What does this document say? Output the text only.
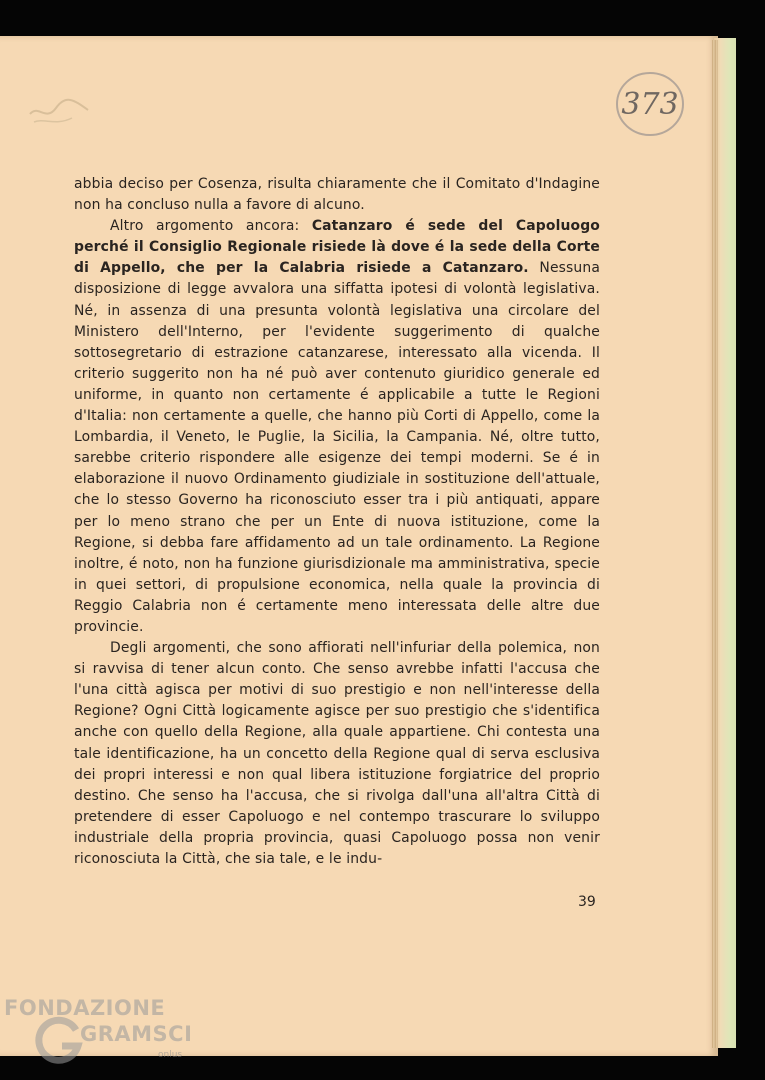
373

abbia deciso per Cosenza, risulta chiaramente che il Comitato d'Indagine non ha concluso nulla a favore di alcuno.

Altro argomento ancora: Catanzaro é sede del Capoluogo perché il Consiglio Regionale risiede là dove é la sede della Corte di Appello, che per la Calabria risiede a Catanzaro. Nessuna disposizione di legge avvalora una siffatta ipotesi di volontà legislativa. Né, in assenza di una presunta volontà legislativa una circolare del Ministero dell'Interno, per l'evidente suggerimento di qualche sottosegretario di estrazione catanzarese, interessato alla vicenda. Il criterio suggerito non ha né può aver contenuto giuridico generale ed uniforme, in quanto non certamente é applicabile a tutte le Regioni d'Italia: non certamente a quelle, che hanno più Corti di Appello, come la Lombardia, il Veneto, le Puglie, la Sicilia, la Campania. Né, oltre tutto, sarebbe criterio rispondere alle esigenze dei tempi moderni. Se é in elaborazione il nuovo Ordinamento giudiziale in sostituzione dell'attuale, che lo stesso Governo ha riconosciuto esser tra i più antiquati, appare per lo meno strano che per un Ente di nuova istituzione, come la Regione, si debba fare affidamento ad un tale ordinamento. La Regione inoltre, é noto, non ha funzione giurisdizionale ma amministrativa, specie in quei settori, di propulsione economica, nella quale la provincia di Reggio Calabria non é certamente meno interessata delle altre due provincie.

Degli argomenti, che sono affiorati nell'infuriar della polemica, non si ravvisa di tener alcun conto. Che senso avrebbe infatti l'accusa che l'una città agisca per motivi di suo prestigio e non nell'interesse della Regione? Ogni Città logicamente agisce per suo prestigio che s'identifica anche con quello della Regione, alla quale appartiene. Chi contesta una tale identificazione, ha un concetto della Regione qual di serva esclusiva dei propri interessi e non qual libera istituzione forgiatrice del proprio destino. Che senso ha l'accusa, che si rivolga dall'una all'altra Città di pretendere di esser Capoluogo e nel contempo trascurare lo sviluppo industriale della propria provincia, quasi Capoluogo possa non venir riconosciuta la Città, che sia tale, e le indu-

39
FONDAZIONE
GRAMSCI
onlus
